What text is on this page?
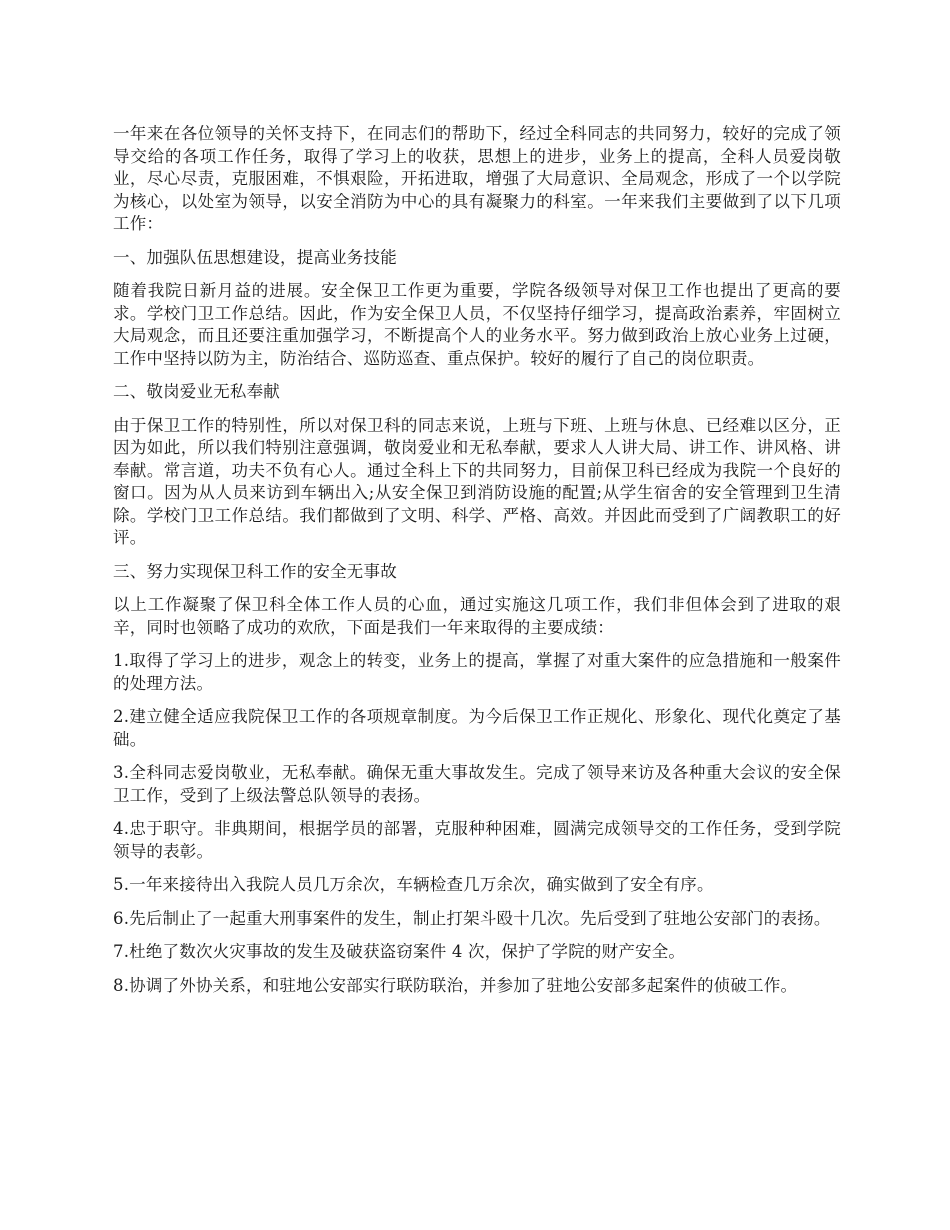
一年来在各位领导的关怀支持下，在同志们的帮助下，经过全科同志的共同努力，较好的完成了领导交给的各项工作任务，取得了学习上的收获，思想上的进步，业务上的提高，全科人员爱岗敬业，尽心尽责，克服困难，不惧艰险，开拓进取，增强了大局意识、全局观念，形成了一个以学院为核心，以处室为领导，以安全消防为中心的具有凝聚力的科室。一年来我们主要做到了以下几项工作：

一、加强队伍思想建设，提高业务技能

随着我院日新月益的进展。安全保卫工作更为重要，学院各级领导对保卫工作也提出了更高的要求。学校门卫工作总结。因此，作为安全保卫人员，不仅坚持仔细学习，提高政治素养，牢固树立大局观念，而且还要注重加强学习，不断提高个人的业务水平。努力做到政治上放心业务上过硬，工作中坚持以防为主，防治结合、巡防巡查、重点保护。较好的履行了自己的岗位职责。

二、敬岗爱业无私奉献

由于保卫工作的特别性，所以对保卫科的同志来说，上班与下班、上班与休息、已经难以区分，正因为如此，所以我们特别注意强调，敬岗爱业和无私奉献，要求人人讲大局、讲工作、讲风格、讲奉献。常言道，功夫不负有心人。通过全科上下的共同努力，目前保卫科已经成为我院一个良好的窗口。因为从人员来访到车辆出入;从安全保卫到消防设施的配置;从学生宿舍的安全管理到卫生清除。学校门卫工作总结。我们都做到了文明、科学、严格、高效。并因此而受到了广阔教职工的好评。

三、努力实现保卫科工作的安全无事故

以上工作凝聚了保卫科全体工作人员的心血，通过实施这几项工作，我们非但体会到了进取的艰辛，同时也领略了成功的欢欣，下面是我们一年来取得的主要成绩：

1.取得了学习上的进步，观念上的转变，业务上的提高，掌握了对重大案件的应急措施和一般案件的处理方法。

2.建立健全适应我院保卫工作的各项规章制度。为今后保卫工作正规化、形象化、现代化奠定了基础。

3.全科同志爱岗敬业，无私奉献。确保无重大事故发生。完成了领导来访及各种重大会议的安全保卫工作，受到了上级法警总队领导的表扬。

4.忠于职守。非典期间，根据学员的部署，克服种种困难，圆满完成领导交的工作任务，受到学院领导的表彰。

5.一年来接待出入我院人员几万余次，车辆检查几万余次，确实做到了安全有序。

6.先后制止了一起重大刑事案件的发生，制止打架斗殴十几次。先后受到了驻地公安部门的表扬。

7.杜绝了数次火灾事故的发生及破获盗窃案件 4 次，保护了学院的财产安全。

8.协调了外协关系，和驻地公安部实行联防联治，并参加了驻地公安部多起案件的侦破工作。
